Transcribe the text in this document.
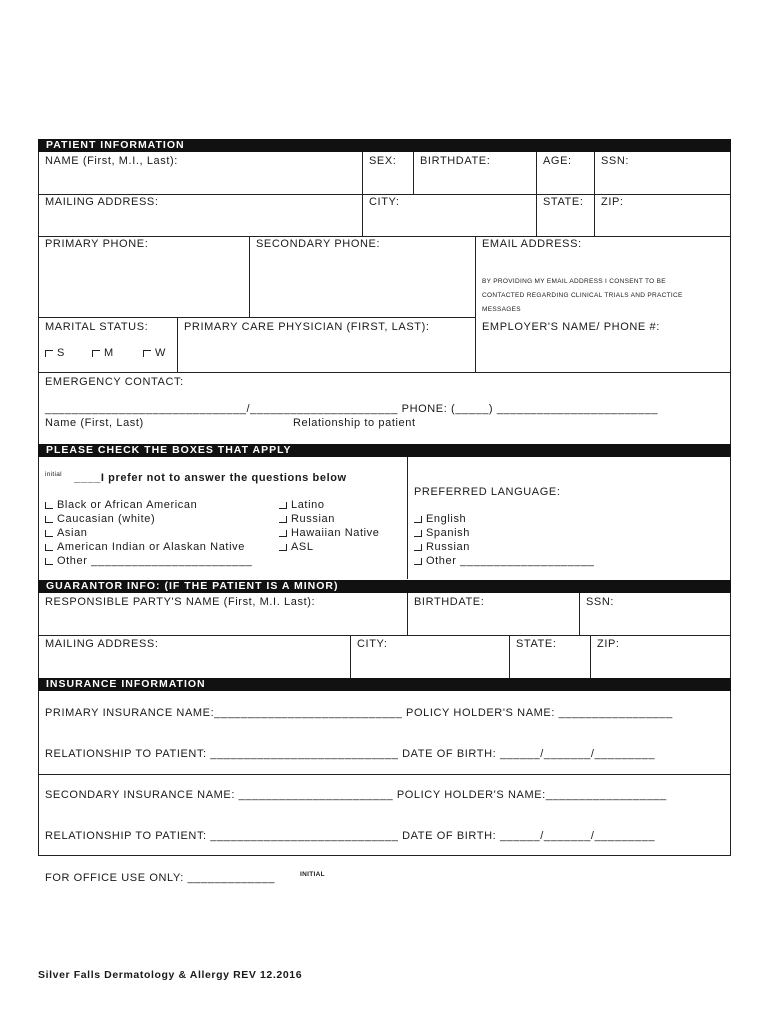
PATIENT INFORMATION
NAME (First, M.I., Last):	SEX: BIRTHDATE:	AGE:	SSN:
MAILING ADDRESS:	CITY:	STATE: ZIP:
PRIMARY PHONE:	SECONDARY PHONE:	EMAIL ADDRESS:
BY PROVIDING MY EMAIL ADDRESS I CONSENT TO BE
CONTACTED REGARDING CLINICAL TRIALS AND PRACTICE
MESSAGES
MARITAL STATUS:
S	M	W
PRIMARY CARE PHYSICIAN (FIRST, LAST):	EMPLOYER'S NAME/ PHONE #:
EMERGENCY CONTACT:
______________________________/______________________ PHONE: (_____) ________________________
Name (First, Last)	Relationship to patient
PLEASE CHECK THE BOXES THAT APPLY
initial ____I prefer not to answer the questions below
Black or African American
Caucasian (white)
Asian
American Indian or Alaskan Native
Other ________________________
Latino
Russian
Hawaiian Native
ASL
PREFERRED LANGUAGE:
English
Spanish
Russian
Other ____________________
GUARANTOR INFO: (IF THE PATIENT IS A MINOR)
RESPONSIBLE PARTY'S NAME (First, M.I. Last):	BIRTHDATE:	SSN:
MAILING ADDRESS:	CITY:	STATE:	ZIP:
INSURANCE INFORMATION
PRIMARY INSURANCE NAME:____________________________ POLICY HOLDER'S NAME: _________________
RELATIONSHIP TO PATIENT: ____________________________ DATE OF BIRTH: ______/_______/_________
SECONDARY INSURANCE NAME: _______________________ POLICY HOLDER'S NAME:__________________
RELATIONSHIP TO PATIENT: ____________________________ DATE OF BIRTH: ______/_______/_________
FOR OFFICE USE ONLY: _____________	INITIAL
Silver Falls Dermatology & Allergy REV 12.2016
